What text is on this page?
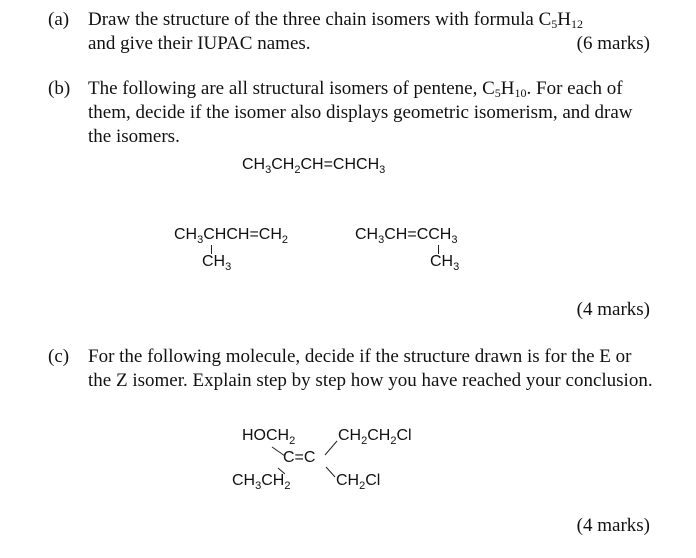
(a) Draw the structure of the three chain isomers with formula $C_5H_{12}$
and give their IUPAC names.	(6 marks)
(b) The following are all structural isomers of pentene, $C_5H_{10}$. For each of them, decide if the isomer also displays geometric isomerism, and draw the isomers.
$CH_3CH_2CH=CHCH_3$
$CH_3CHCH=CH_2$
$CH_3$
$CH_3CH=CCH_3$
$CH_3$
(4 marks)
(c) For the following molecule, decide if the structure drawn is for the E or the Z isomer. Explain step by step how you have reached your conclusion.
$HOCH_2$	$CH_2CH_2Cl$
C=C
$CH_3CH_2$	$CH_2Cl$
(4 marks)
